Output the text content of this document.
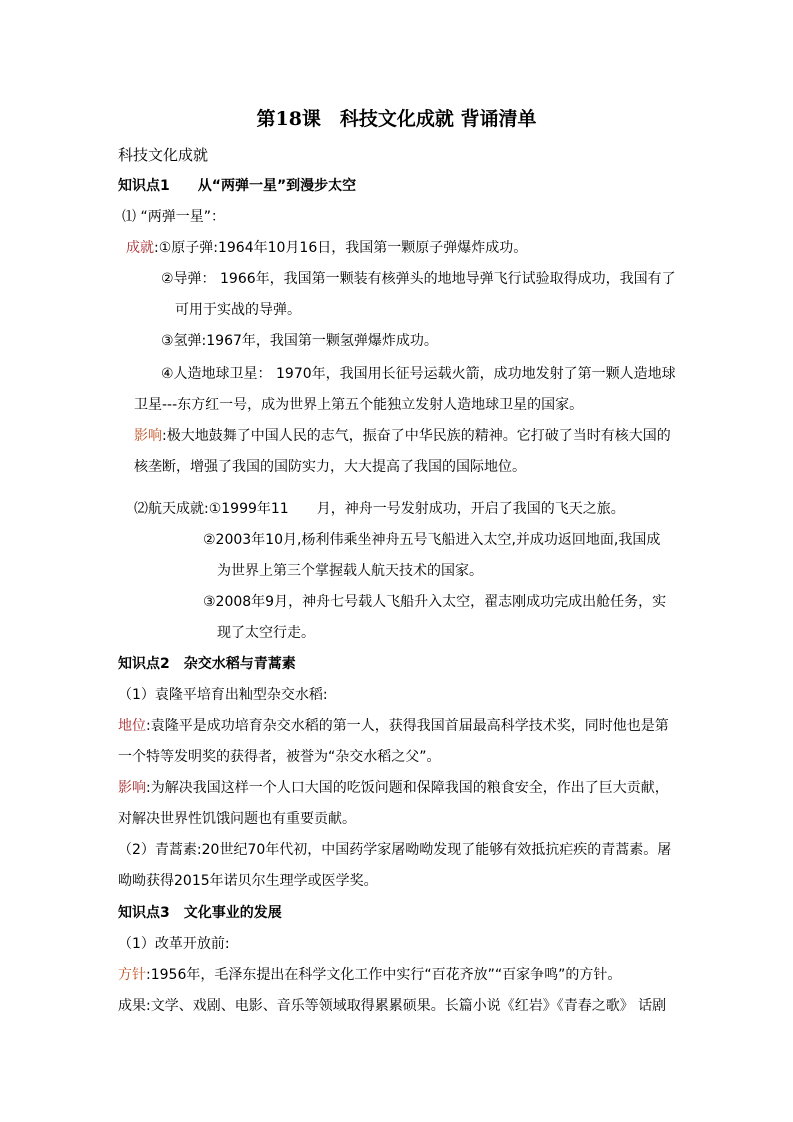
第18课　科技文化成就 背诵清单
科技文化成就
知识点1　　从“两弹一星”到漫步太空
⑴ “两弹一星”：
成就:①原子弹:1964年10月16日，我国第一颗原子弹爆炸成功。
②导弹： 1966年，我国第一颗装有核弹头的地地导弹飞行试验取得成功，我国有了
可用于实战的导弹。
③氢弹:1967年，我国第一颗氢弹爆炸成功。
④人造地球卫星： 1970年，我国用长征号运载火箭，成功地发射了第一颗人造地球
卫星---东方红一号，成为世界上第五个能独立发射人造地球卫星的国家。
影响:极大地鼓舞了中国人民的志气，振奋了中华民族的精神。它打破了当时有核大国的
核垄断，增强了我国的国防实力，大大提高了我国的国际地位。
⑵航天成就:①1999年11　　月，神舟一号发射成功，开启了我国的飞天之旅。
②2003年10月,杨利伟乘坐神舟五号飞船进入太空,并成功返回地面,我国成
为世界上第三个掌握载人航天技术的国家。
③2008年9月，神舟七号载人飞船升入太空，翟志刚成功完成出舱任务，实
现了太空行走。
知识点2　杂交水稻与青蒿素
（1）袁隆平培育出籼型杂交水稻:
地位:袁隆平是成功培育杂交水稻的第一人，获得我国首届最高科学技术奖，同时他也是第
一个特等发明奖的获得者，被誉为“杂交水稻之父”。
影响:为解决我国这样一个人口大国的吃饭问题和保障我国的粮食安全，作出了巨大贡献，
对解决世界性饥饿问题也有重要贡献。
（2）青蒿素:20世纪70年代初，中国药学家屠呦呦发现了能够有效抵抗疟疾的青蒿素。屠
呦呦获得2015年诺贝尔生理学或医学奖。
知识点3　文化事业的发展
（1）改革开放前:
方针:1956年，毛泽东提出在科学文化工作中实行“百花齐放”“百家争鸣”的方针。
成果:文学、戏剧、电影、音乐等领域取得累累硕果。长篇小说《红岩》《青春之歌》 话剧
